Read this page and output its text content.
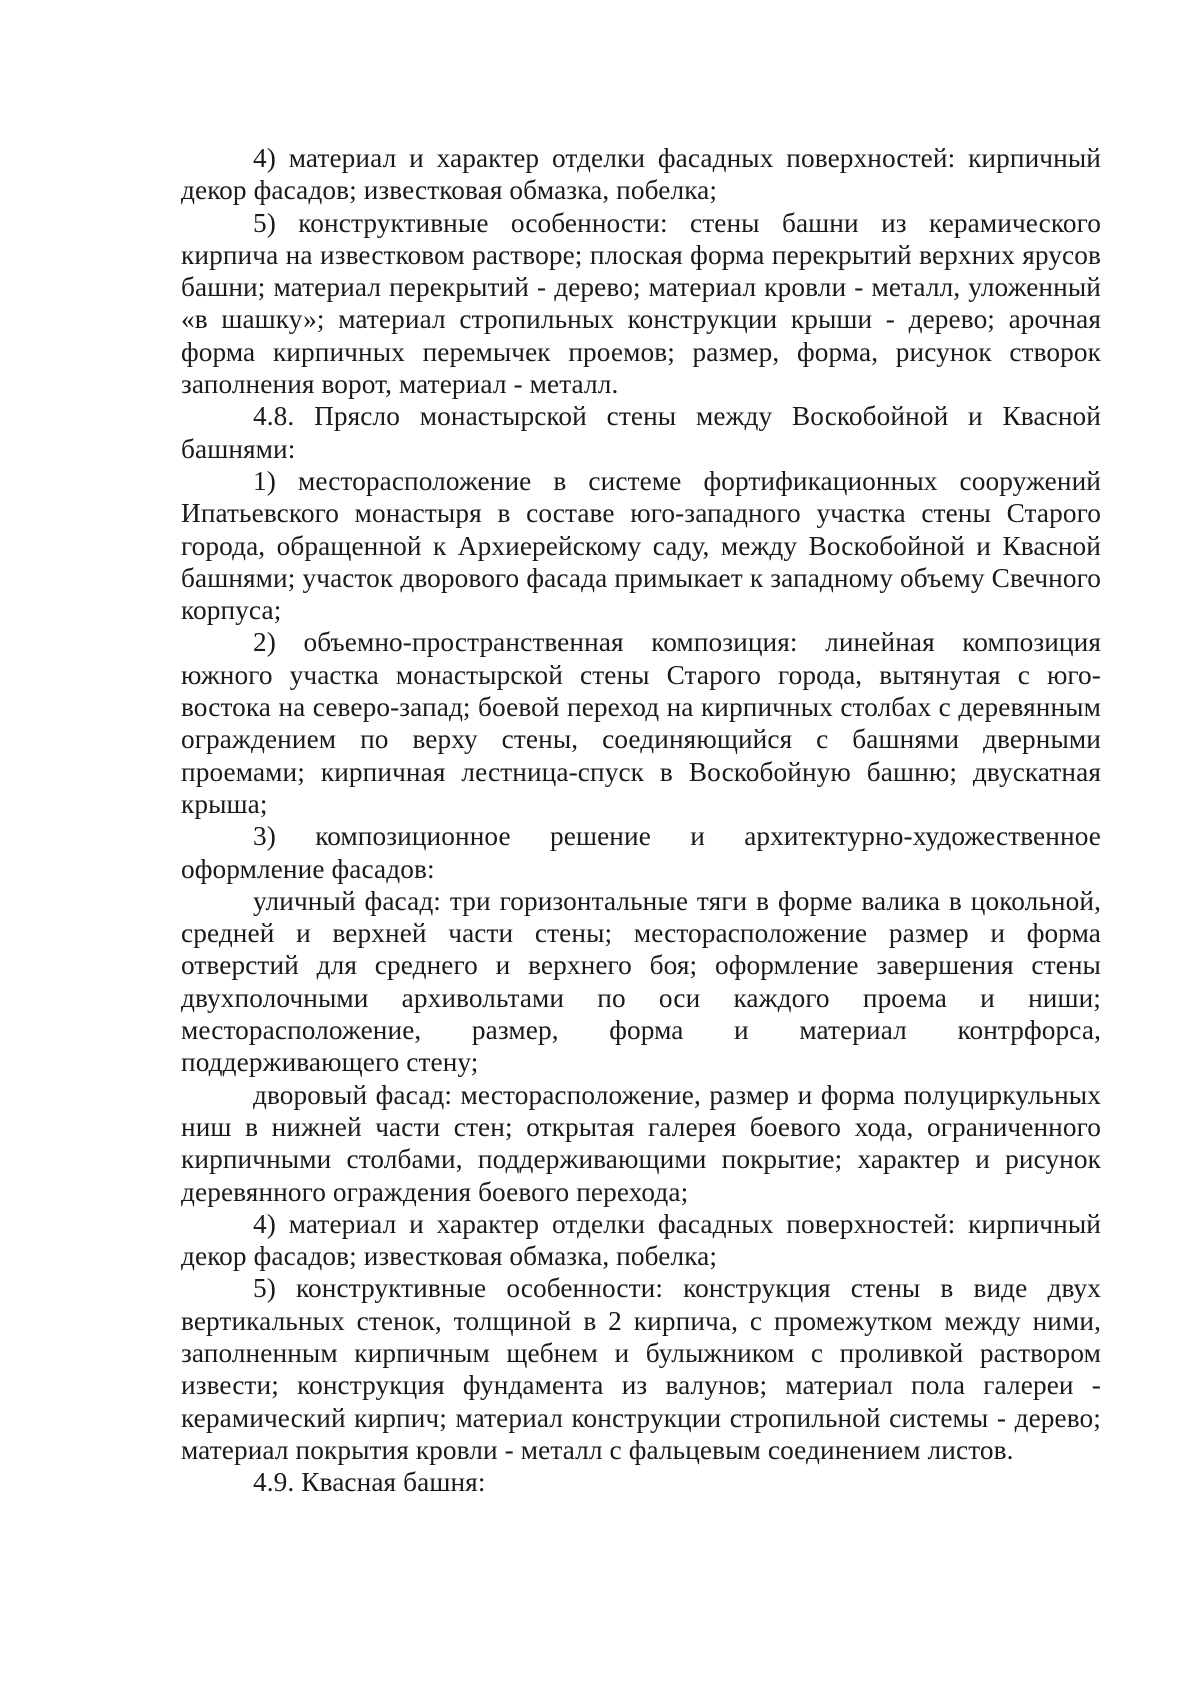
4) материал и характер отделки фасадных поверхностей: кирпичный декор фасадов; известковая обмазка, побелка;

5) конструктивные особенности: стены башни из керамического кирпича на известковом растворе; плоская форма перекрытий верхних ярусов башни; материал перекрытий - дерево; материал кровли - металл, уложенный «в шашку»; материал стропильных конструкции крыши - дерево; арочная форма кирпичных перемычек проемов; размер, форма, рисунок створок заполнения ворот, материал - металл.

4.8. Прясло монастырской стены между Воскобойной и Квасной башнями:

1) месторасположение в системе фортификационных сооружений Ипатьевского монастыря в составе юго-западного участка стены Старого города, обращенной к Архиерейскому саду, между Воскобойной и Квасной башнями; участок дворового фасада примыкает к западному объему Свечного корпуса;

2) объемно-пространственная композиция: линейная композиция южного участка монастырской стены Старого города, вытянутая с юго-востока на северо-запад; боевой переход на кирпичных столбах с деревянным ограждением по верху стены, соединяющийся с башнями дверными проемами; кирпичная лестница-спуск в Воскобойную башню; двускатная крыша;

3) композиционное решение и архитектурно-художественное оформление фасадов:

уличный фасад: три горизонтальные тяги в форме валика в цокольной, средней и верхней части стены; месторасположение размер и форма отверстий для среднего и верхнего боя; оформление завершения стены двухполочными архивольтами по оси каждого проема и ниши; месторасположение, размер, форма и материал контрфорса, поддерживающего стену;

дворовый фасад: месторасположение, размер и форма полуциркульных ниш в нижней части стен; открытая галерея боевого хода, ограниченного кирпичными столбами, поддерживающими покрытие; характер и рисунок деревянного ограждения боевого перехода;

4) материал и характер отделки фасадных поверхностей: кирпичный декор фасадов; известковая обмазка, побелка;

5) конструктивные особенности: конструкция стены в виде двух вертикальных стенок, толщиной в 2 кирпича, с промежутком между ними, заполненным кирпичным щебнем и булыжником с проливкой раствором извести; конструкция фундамента из валунов; материал пола галереи - керамический кирпич; материал конструкции стропильной системы - дерево; материал покрытия кровли - металл с фальцевым соединением листов.

4.9. Квасная башня:
